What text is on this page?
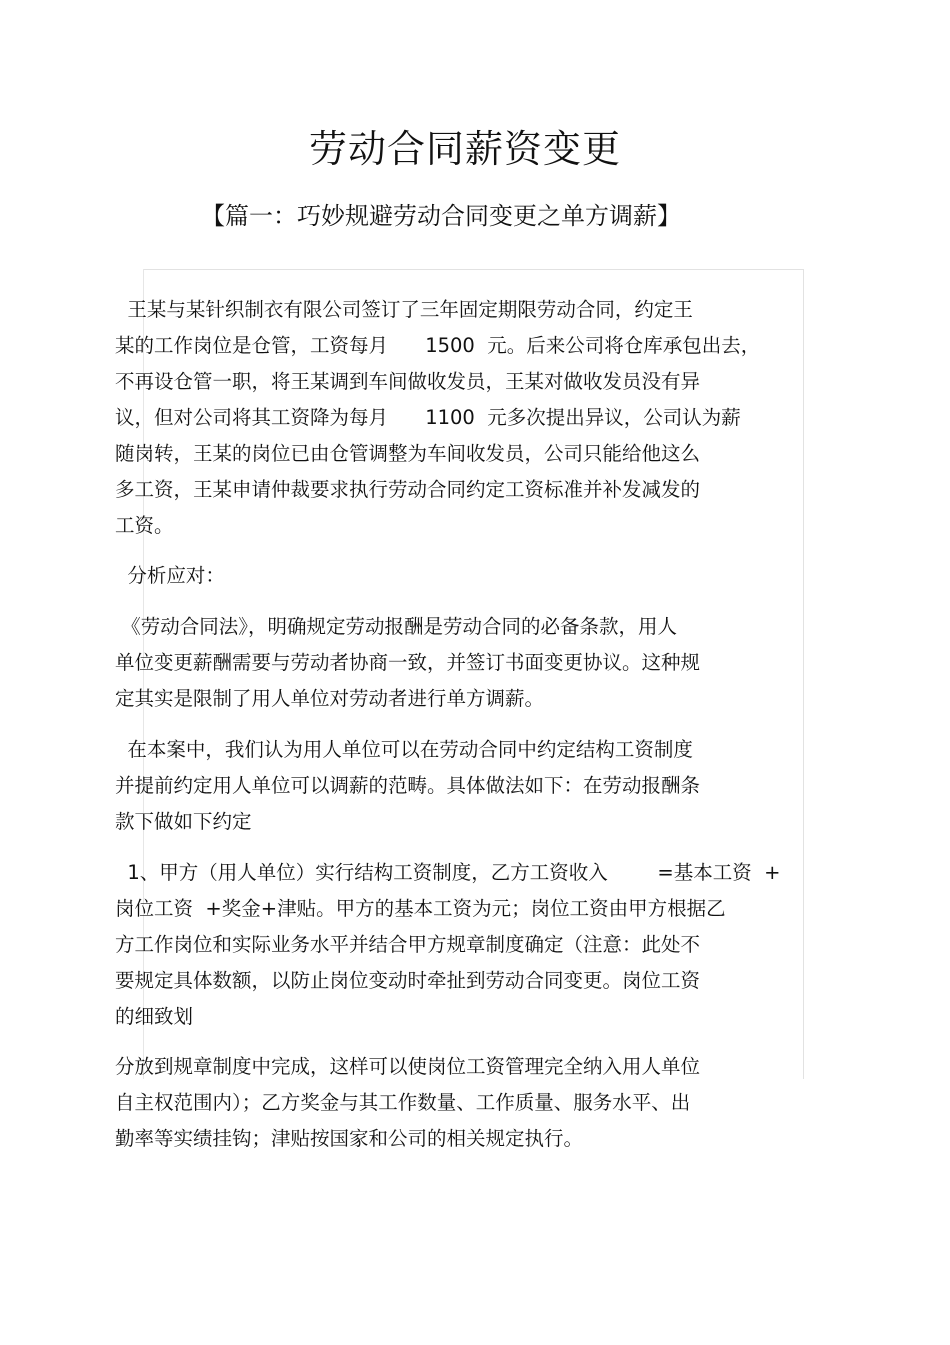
劳动合同薪资变更
【篇一：巧妙规避劳动合同变更之单方调薪】
王某与某针织制衣有限公司签订了三年固定期限劳动合同，约定王
某的工作岗位是仓管，工资每月      1500  元。后来公司将仓库承包出去，
不再设仓管一职，将王某调到车间做收发员，王某对做收发员没有异
议，但对公司将其工资降为每月      1100  元多次提出异议，公司认为薪
随岗转，王某的岗位已由仓管调整为车间收发员，公司只能给他这么
多工资，王某申请仲裁要求执行劳动合同约定工资标准并补发减发的
工资。
分析应对：
《劳动合同法》，明确规定劳动报酬是劳动合同的必备条款，用人
单位变更薪酬需要与劳动者协商一致，并签订书面变更协议。这种规
定其实是限制了用人单位对劳动者进行单方调薪。
在本案中，我们认为用人单位可以在劳动合同中约定结构工资制度
并提前约定用人单位可以调薪的范畴。具体做法如下：在劳动报酬条
款下做如下约定
1、甲方（用人单位）实行结构工资制度，乙方工资收入        =基本工资  +
岗位工资  +奖金+津贴。甲方的基本工资为元；岗位工资由甲方根据乙
方工作岗位和实际业务水平并结合甲方规章制度确定（注意：此处不
要规定具体数额，以防止岗位变动时牵扯到劳动合同变更。岗位工资
的细致划
分放到规章制度中完成，这样可以使岗位工资管理完全纳入用人单位
自主权范围内）；乙方奖金与其工作数量、工作质量、服务水平、出
勤率等实绩挂钩；津贴按国家和公司的相关规定执行。
